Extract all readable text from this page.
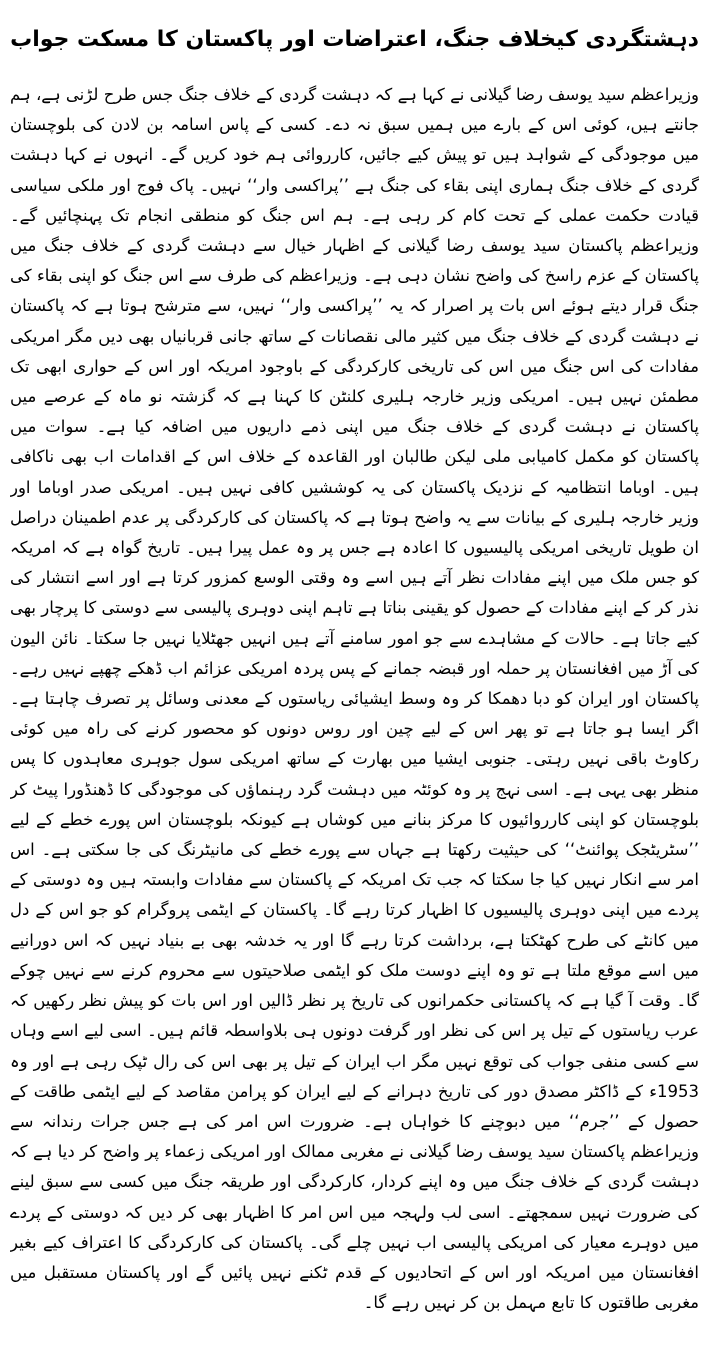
دہشتگردی کیخلاف جنگ، اعتراضات اور پاکستان کا مسکت جواب

وزیراعظم سید یوسف رضا گیلانی نے کہا ہے کہ دہشت گردی کے خلاف جنگ جس طرح لڑنی ہے، ہم جانتے ہیں، کوئی اس کے بارے میں ہمیں سبق نہ دے۔ کسی کے پاس اسامہ بن لادن کی بلوچستان میں موجودگی کے شواہد ہیں تو پیش کیے جائیں، کارروائی ہم خود کریں گے۔ انہوں نے کہا دہشت گردی کے خلاف جنگ ہماری اپنی بقاء کی جنگ ہے ’’پراکسی وار‘‘ نہیں۔ پاک فوج اور ملکی سیاسی قیادت حکمت عملی کے تحت کام کر رہی ہے۔ ہم اس جنگ کو منطقی انجام تک پہنچائیں گے۔ وزیراعظم پاکستان سید یوسف رضا گیلانی کے اظہار خیال سے دہشت گردی کے خلاف جنگ میں پاکستان کے عزم راسخ کی واضح نشان دہی ہے۔ وزیراعظم کی طرف سے اس جنگ کو اپنی بقاء کی جنگ قرار دیتے ہوئے اس بات پر اصرار کہ یہ ’’پراکسی وار‘‘ نہیں، سے مترشح ہوتا ہے کہ پاکستان نے دہشت گردی کے خلاف جنگ میں کثیر مالی نقصانات کے ساتھ جانی قربانیاں بھی دیں مگر امریکی مفادات کی اس جنگ میں اس کی تاریخی کارکردگی کے باوجود امریکہ اور اس کے حواری ابھی تک مطمئن نہیں ہیں۔ امریکی وزیر خارجہ ہلیری کلنٹن کا کہنا ہے کہ گزشتہ نو ماہ کے عرصے میں پاکستان نے دہشت گردی کے خلاف جنگ میں اپنی ذمے داریوں میں اضافہ کیا ہے۔ سوات میں پاکستان کو مکمل کامیابی ملی لیکن طالبان اور القاعدہ کے خلاف اس کے اقدامات اب بھی ناکافی ہیں۔ اوباما انتظامیہ کے نزدیک پاکستان کی یہ کوششیں کافی نہیں ہیں۔ امریکی صدر اوباما اور وزیر خارجہ ہلیری کے بیانات سے یہ واضح ہوتا ہے کہ پاکستان کی کارکردگی پر عدم اطمینان دراصل ان طویل تاریخی امریکی پالیسیوں کا اعادہ ہے جس پر وہ عمل پیرا ہیں۔ تاریخ گواہ ہے کہ امریکہ کو جس ملک میں اپنے مفادات نظر آتے ہیں اسے وہ وقتی الوسع کمزور کرتا ہے اور اسے انتشار کی نذر کر کے اپنے مفادات کے حصول کو یقینی بناتا ہے تاہم اپنی دوہری پالیسی سے دوستی کا پرچار بھی کیے جاتا ہے۔ حالات کے مشاہدے سے جو امور سامنے آتے ہیں انہیں جھٹلایا نہیں جا سکتا۔ نائن الیون کی آڑ میں افغانستان پر حملہ اور قبضہ جمانے کے پس پردہ امریکی عزائم اب ڈھکے چھپے نہیں رہے۔ پاکستان اور ایران کو دبا دھمکا کر وہ وسط ایشیائی ریاستوں کے معدنی وسائل پر تصرف چاہتا ہے۔ اگر ایسا ہو جاتا ہے تو پھر اس کے لیے چین اور روس دونوں کو محصور کرنے کی راہ میں کوئی رکاوٹ باقی نہیں رہتی۔ جنوبی ایشیا میں بھارت کے ساتھ امریکی سول جوہری معاہدوں کا پس منظر بھی یہی ہے۔ اسی نہج پر وہ کوئٹہ میں دہشت گرد رہنماؤں کی موجودگی کا ڈھنڈورا پیٹ کر بلوچستان کو اپنی کارروائیوں کا مرکز بنانے میں کوشاں ہے کیونکہ بلوچستان اس پورے خطے کے لیے ’’سٹریٹجک پوائنٹ‘‘ کی حیثیت رکھتا ہے جہاں سے پورے خطے کی مانیٹرنگ کی جا سکتی ہے۔ اس امر سے انکار نہیں کیا جا سکتا کہ جب تک امریکہ کے پاکستان سے مفادات وابستہ ہیں وہ دوستی کے پردے میں اپنی دوہری پالیسیوں کا اظہار کرتا رہے گا۔ پاکستان کے ایٹمی پروگرام کو جو اس کے دل میں کانٹے کی طرح کھٹکتا ہے، برداشت کرتا رہے گا اور یہ خدشہ بھی بے بنیاد نہیں کہ اس دورانیے میں اسے موقع ملتا ہے تو وہ اپنے دوست ملک کو ایٹمی صلاحیتوں سے محروم کرنے سے نہیں چوکے گا۔ وقت آ گیا ہے کہ پاکستانی حکمرانوں کی تاریخ پر نظر ڈالیں اور اس بات کو پیش نظر رکھیں کہ عرب ریاستوں کے تیل پر اس کی نظر اور گرفت دونوں ہی بلاواسطہ قائم ہیں۔ اسی لیے اسے وہاں سے کسی منفی جواب کی توقع نہیں مگر اب ایران کے تیل پر بھی اس کی رال ٹپک رہی ہے اور وہ 1953ء کے ڈاکٹر مصدق دور کی تاریخ دہرانے کے لیے ایران کو پرامن مقاصد کے لیے ایٹمی طاقت کے حصول کے ’’جرم‘‘ میں دبوچنے کا خواہاں ہے۔ ضرورت اس امر کی ہے جس جرات رندانہ سے وزیراعظم پاکستان سید یوسف رضا گیلانی نے مغربی ممالک اور امریکی زعماء پر واضح کر دیا ہے کہ دہشت گردی کے خلاف جنگ میں وہ اپنے کردار، کارکردگی اور طریقہ جنگ میں کسی سے سبق لینے کی ضرورت نہیں سمجھتے۔ اسی لب ولہجہ میں اس امر کا اظہار بھی کر دیں کہ دوستی کے پردے میں دوہرے معیار کی امریکی پالیسی اب نہیں چلے گی۔ پاکستان کی کارکردگی کا اعتراف کیے بغیر افغانستان میں امریکہ اور اس کے اتحادیوں کے قدم ٹکنے نہیں پائیں گے اور پاکستان مستقبل میں مغربی طاقتوں کا تابع مہمل بن کر نہیں رہے گا۔
